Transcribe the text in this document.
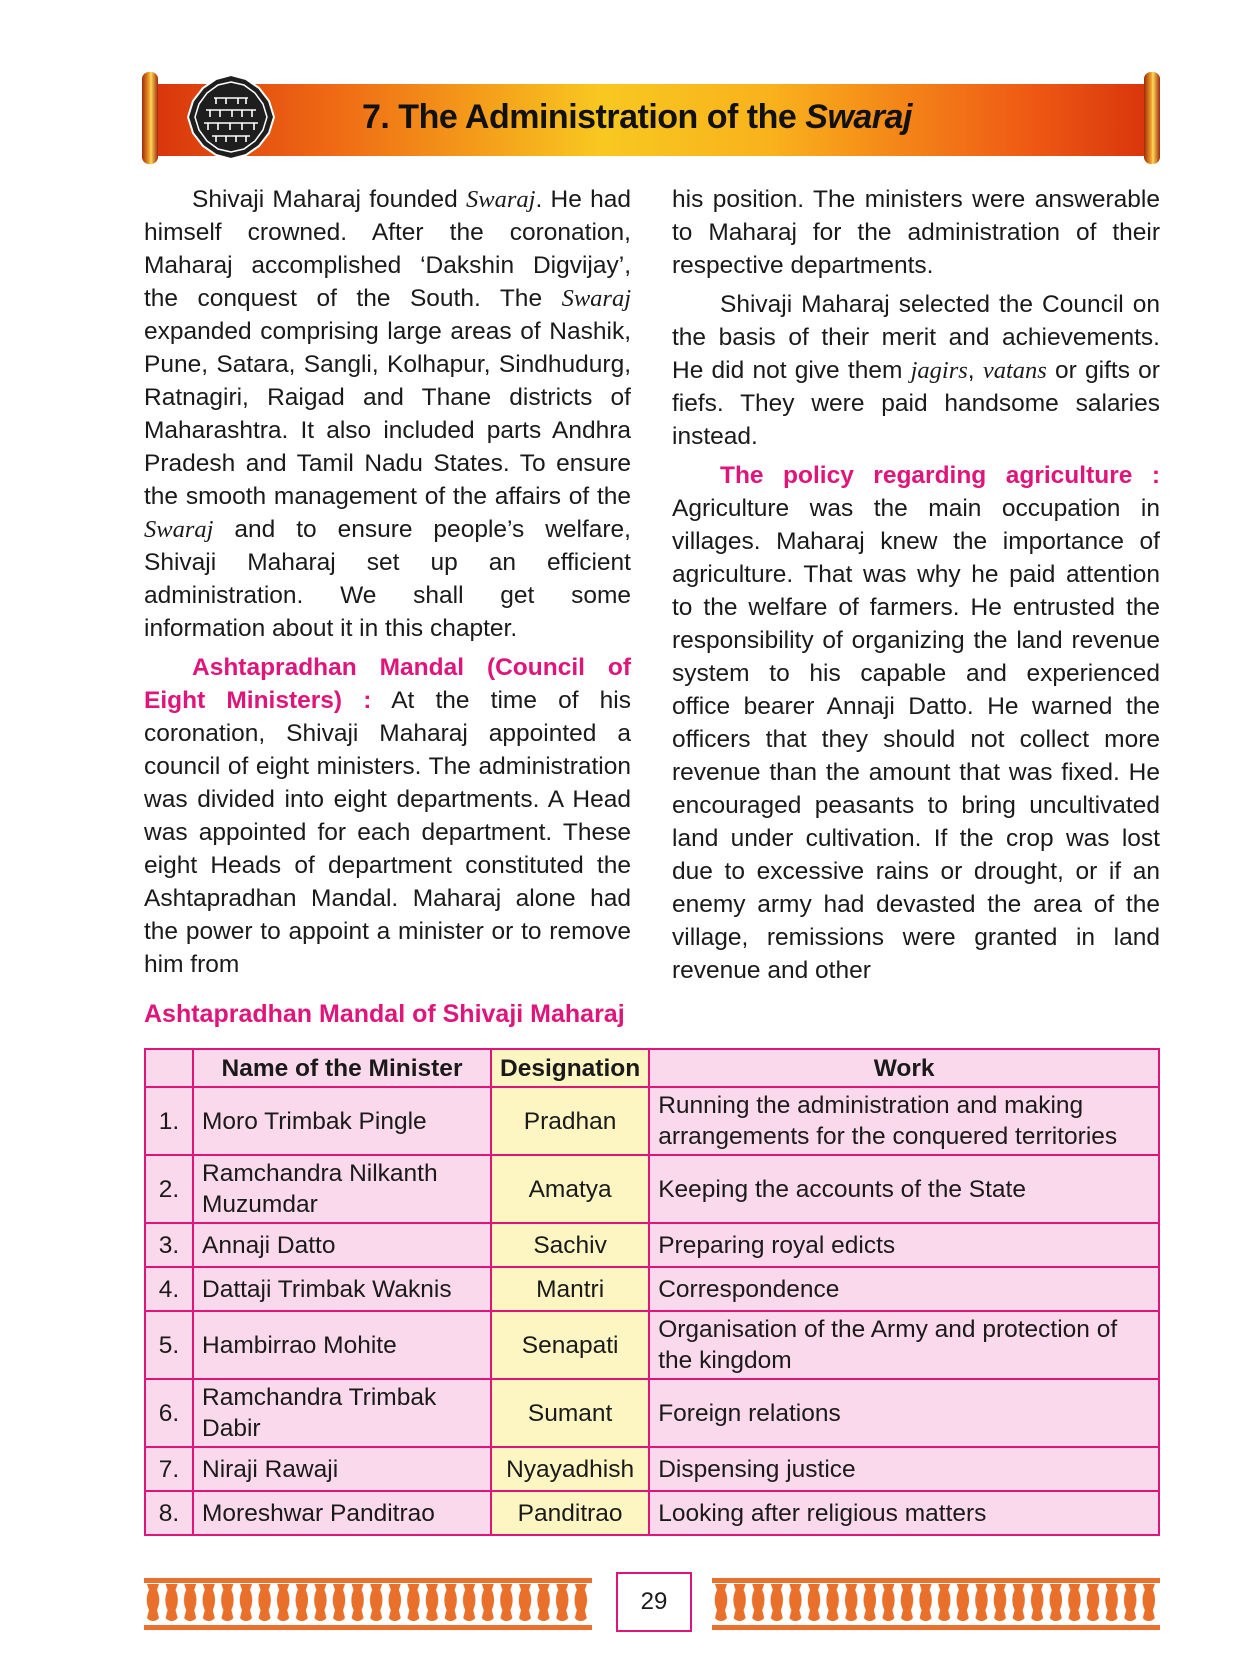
7. The Administration of the Swaraj

Shivaji Maharaj founded Swaraj. He had himself crowned. After the coronation, Maharaj accomplished ‘Dakshin Digvijay’, the conquest of the South. The Swaraj expanded comprising large areas of Nashik, Pune, Satara, Sangli, Kolhapur, Sindhudurg, Ratnagiri, Raigad and Thane districts of Maharashtra. It also included parts Andhra Pradesh and Tamil Nadu States. To ensure the smooth management of the affairs of the Swaraj and to ensure people’s welfare, Shivaji Maharaj set up an efficient administration. We shall get some information about it in this chapter.

Ashtapradhan Mandal (Council of Eight Ministers) : At the time of his coronation, Shivaji Maharaj appointed a council of eight ministers. The administration was divided into eight departments. A Head was appointed for each department. These eight Heads of department constituted the Ashtapradhan Mandal. Maharaj alone had the power to appoint a minister or to remove him from

his position. The ministers were answerable to Maharaj for the administration of their respective departments.

Shivaji Maharaj selected the Council on the basis of their merit and achievements. He did not give them jagirs, vatans or gifts or fiefs. They were paid handsome salaries instead.

The policy regarding agriculture : Agriculture was the main occupation in villages. Maharaj knew the importance of agriculture. That was why he paid attention to the welfare of farmers. He entrusted the responsibility of organizing the land revenue system to his capable and experienced office bearer Annaji Datto. He warned the officers that they should not collect more revenue than the amount that was fixed. He encouraged peasants to bring uncultivated land under cultivation. If the crop was lost due to excessive rains or drought, or if an enemy army had devasted the area of the village, remissions were granted in land revenue and other

Ashtapradhan Mandal of Shivaji Maharaj
	Name of the Minister	Designation	Work
1.	Moro Trimbak Pingle	Pradhan	Running the administration and making arrangements for the conquered territories
2.	Ramchandra Nilkanth Muzumdar	Amatya	Keeping the accounts of the State
3.	Annaji Datto	Sachiv	Preparing royal edicts
4.	Dattaji Trimbak Waknis	Mantri	Correspondence
5.	Hambirrao Mohite	Senapati	Organisation of the Army and protection of the kingdom
6.	Ramchandra Trimbak Dabir	Sumant	Foreign relations
7.	Niraji Rawaji	Nyayadhish	Dispensing justice
8.	Moreshwar Panditrao	Panditrao	Looking after religious matters
29
